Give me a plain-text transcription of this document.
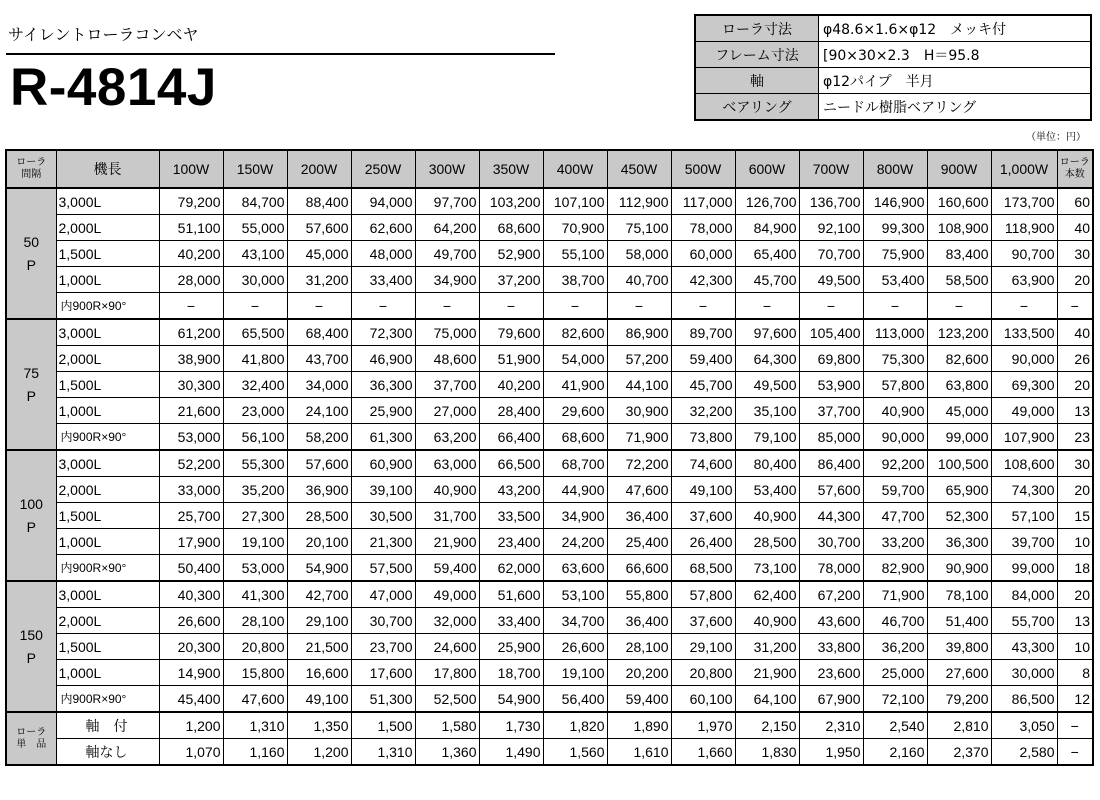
サイレントローラコンベヤ
R-4814J
ローラ寸法	φ48.6×1.6×φ12　メッキ付
フレーム寸法	[90×30×2.3　H＝95.8
軸	φ12パイプ　半月
ベアリング	ニードル樹脂ベアリング
（単位：円）
ローラ
間隔	機長	100W	150W	200W	250W	300W	350W	400W	450W	500W	600W	700W	800W	900W	1,000W	ローラ
本数
50
P	3,000L	79,200	84,700	88,400	94,000	97,700	103,200	107,100	112,900	117,000	126,700	136,700	146,900	160,600	173,700	60
	2,000L	51,100	55,000	57,600	62,600	64,200	68,600	70,900	75,100	78,000	84,900	92,100	99,300	108,900	118,900	40
	1,500L	40,200	43,100	45,000	48,000	49,700	52,900	55,100	58,000	60,000	65,400	70,700	75,900	83,400	90,700	30
	1,000L	28,000	30,000	31,200	33,400	34,900	37,200	38,700	40,700	42,300	45,700	49,500	53,400	58,500	63,900	20
	内900R×90°	−	−	−	−	−	−	−	−	−	−	−	−	−	−	−
75
P	3,000L	61,200	65,500	68,400	72,300	75,000	79,600	82,600	86,900	89,700	97,600	105,400	113,000	123,200	133,500	40
	2,000L	38,900	41,800	43,700	46,900	48,600	51,900	54,000	57,200	59,400	64,300	69,800	75,300	82,600	90,000	26
	1,500L	30,300	32,400	34,000	36,300	37,700	40,200	41,900	44,100	45,700	49,500	53,900	57,800	63,800	69,300	20
	1,000L	21,600	23,000	24,100	25,900	27,000	28,400	29,600	30,900	32,200	35,100	37,700	40,900	45,000	49,000	13
	内900R×90°	53,000	56,100	58,200	61,300	63,200	66,400	68,600	71,900	73,800	79,100	85,000	90,000	99,000	107,900	23
100
P	3,000L	52,200	55,300	57,600	60,900	63,000	66,500	68,700	72,200	74,600	80,400	86,400	92,200	100,500	108,600	30
	2,000L	33,000	35,200	36,900	39,100	40,900	43,200	44,900	47,600	49,100	53,400	57,600	59,700	65,900	74,300	20
	1,500L	25,700	27,300	28,500	30,500	31,700	33,500	34,900	36,400	37,600	40,900	44,300	47,700	52,300	57,100	15
	1,000L	17,900	19,100	20,100	21,300	21,900	23,400	24,200	25,400	26,400	28,500	30,700	33,200	36,300	39,700	10
	内900R×90°	50,400	53,000	54,900	57,500	59,400	62,000	63,600	66,600	68,500	73,100	78,000	82,900	90,900	99,000	18
150
P	3,000L	40,300	41,300	42,700	47,000	49,000	51,600	53,100	55,800	57,800	62,400	67,200	71,900	78,100	84,000	20
	2,000L	26,600	28,100	29,100	30,700	32,000	33,400	34,700	36,400	37,600	40,900	43,600	46,700	51,400	55,700	13
	1,500L	20,300	20,800	21,500	23,700	24,600	25,900	26,600	28,100	29,100	31,200	33,800	36,200	39,800	43,300	10
	1,000L	14,900	15,800	16,600	17,600	17,800	18,700	19,100	20,200	20,800	21,900	23,600	25,000	27,600	30,000	8
	内900R×90°	45,400	47,600	49,100	51,300	52,500	54,900	56,400	59,400	60,100	64,100	67,900	72,100	79,200	86,500	12
ローラ
単　品	軸　付	1,200	1,310	1,350	1,500	1,580	1,730	1,820	1,890	1,970	2,150	2,310	2,540	2,810	3,050	−
	軸なし	1,070	1,160	1,200	1,310	1,360	1,490	1,560	1,610	1,660	1,830	1,950	2,160	2,370	2,580	−
